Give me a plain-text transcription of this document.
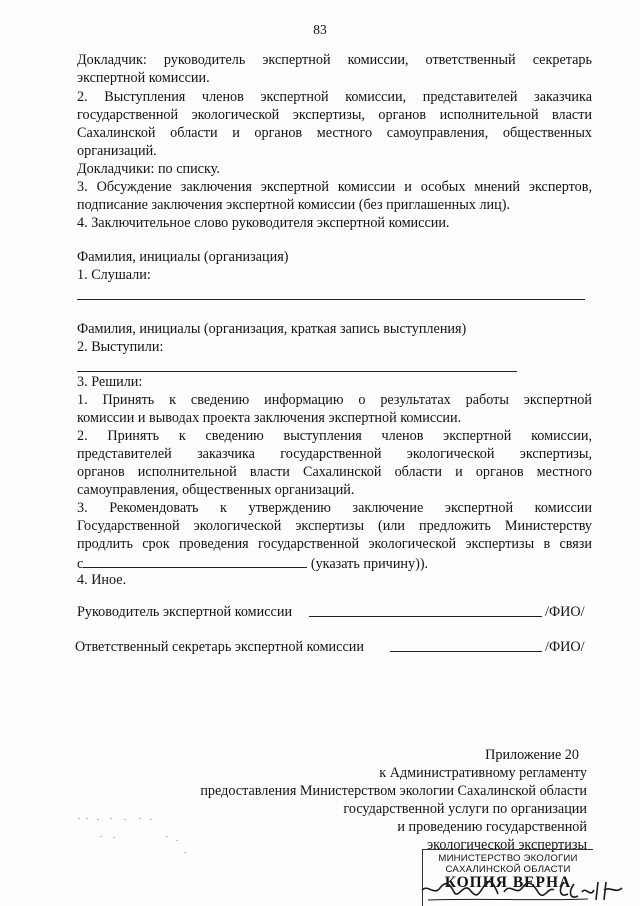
83
Докладчик: руководитель экспертной комиссии, ответственный секретарь
экспертной комиссии.
2. Выступления членов экспертной комиссии, представителей заказчика
государственной экологической экспертизы, органов исполнительной власти
Сахалинской области и органов местного самоуправления, общественных
организаций.
Докладчики: по списку.
3. Обсуждение заключения экспертной комиссии и особых мнений экспертов,
подписание заключения экспертной комиссии (без приглашенных лиц).
4. Заключительное слово руководителя экспертной комиссии.
Фамилия, инициалы (организация)
1. Слушали:
Фамилия, инициалы (организация, краткая запись выступления)
2. Выступили:
3. Решили:
1. Принять к сведению информацию о результатах работы экспертной
комиссии и выводах проекта заключения экспертной комиссии.
2. Принять к сведению выступления членов экспертной комиссии,
представителей заказчика государственной экологической экспертизы,
органов исполнительной власти Сахалинской области и органов местного
самоуправления, общественных организаций.
3. Рекомендовать к утверждению заключение экспертной комиссии
Государственной экологической экспертизы (или предложить Министерству
продлить срок проведения государственной экологической экспертизы в связи
с	(указать причину)).
4. Иное.
Руководитель экспертной комиссии	/ФИО/
Ответственный секретарь экспертной комиссии	/ФИО/
Приложение 20
к Административному регламенту
предоставления Министерством экологии Сахалинской области
государственной услуги по организации
и проведению государственной
экологической экспертизы
МИНИСТЕРСТВО ЭКОЛОГИИ
САХАЛИНСКОЙ ОБЛАСТИ
КОПИЯ ВЕРНА
